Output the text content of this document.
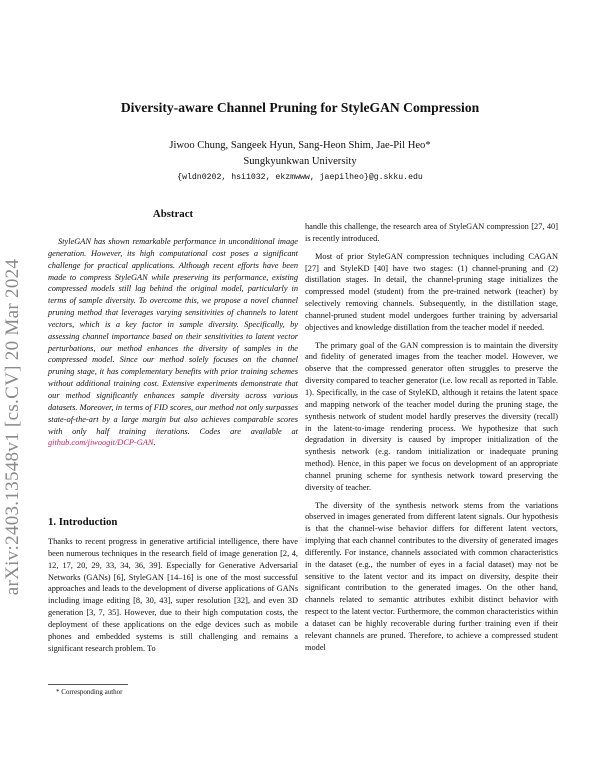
arXiv:2403.13548v1 [cs.CV] 20 Mar 2024
Diversity-aware Channel Pruning for StyleGAN Compression
Jiwoo Chung, Sangeek Hyun, Sang-Heon Shim, Jae-Pil Heo*
Sungkyunkwan University
{wldn0202, hsi1032, ekzmwww, jaepilheo}@g.skku.edu
Abstract

StyleGAN has shown remarkable performance in unconditional image generation. However, its high computational cost poses a significant challenge for practical applications. Although recent efforts have been made to compress StyleGAN while preserving its performance, existing compressed models still lag behind the original model, particularly in terms of sample diversity. To overcome this, we propose a novel channel pruning method that leverages varying sensitivities of channels to latent vectors, which is a key factor in sample diversity. Specifically, by assessing channel importance based on their sensitivities to latent vector perturbations, our method enhances the diversity of samples in the compressed model. Since our method solely focuses on the channel pruning stage, it has complementary benefits with prior training schemes without additional training cost. Extensive experiments demonstrate that our method significantly enhances sample diversity across various datasets. Moreover, in terms of FID scores, our method not only surpasses state-of-the-art by a large margin but also achieves comparable scores with only half training iterations. Codes are available at github.com/jiwoogit/DCP-GAN.

1. Introduction

Thanks to recent progress in generative artificial intelligence, there have been numerous techniques in the research field of image generation [2, 4, 12, 17, 20, 29, 33, 34, 36, 39]. Especially for Generative Adversarial Networks (GANs) [6], StyleGAN [14–16] is one of the most successful approaches and leads to the development of diverse applications of GANs including image editing [8, 30, 43], super resolution [32], and even 3D generation [3, 7, 35]. However, due to their high computation costs, the deployment of these applications on the edge devices such as mobile phones and embedded systems is still challenging and remains a significant research problem. To

handle this challenge, the research area of StyleGAN compression [27, 40] is recently introduced.

Most of prior StyleGAN compression techniques including CAGAN [27] and StyleKD [40] have two stages: (1) channel-pruning and (2) distillation stages. In detail, the channel-pruning stage initializes the compressed model (student) from the pre-trained network (teacher) by selectively removing channels. Subsequently, in the distillation stage, channel-pruned student model undergoes further training by adversarial objectives and knowledge distillation from the teacher model if needed.

The primary goal of the GAN compression is to maintain the diversity and fidelity of generated images from the teacher model. However, we observe that the compressed generator often struggles to preserve the diversity compared to teacher generator (i.e. low recall as reported in Table. 1). Specifically, in the case of StyleKD, although it retains the latent space and mapping network of the teacher model during the pruning stage, the synthesis network of student model hardly preserves the diversity (recall) in the latent-to-image rendering process. We hypothesize that such degradation in diversity is caused by improper initialization of the synthesis network (e.g. random initialization or inadequate pruning method). Hence, in this paper we focus on development of an appropriate channel pruning scheme for synthesis network toward preserving the diversity of teacher.

The diversity of the synthesis network stems from the variations observed in images generated from different latent signals. Our hypothesis is that the channel-wise behavior differs for different latent vectors, implying that each channel contributes to the diversity of generated images differently. For instance, channels associated with common characteristics in the dataset (e.g., the number of eyes in a facial dataset) may not be sensitive to the latent vector and its impact on diversity, despite their significant contribution to the generated images. On the other hand, channels related to semantic attributes exhibit distinct behavior with respect to the latent vector. Furthermore, the common characteristics within a dataset can be highly recoverable during further training even if their relevant channels are pruned. Therefore, to achieve a compressed student model

* Corresponding author
